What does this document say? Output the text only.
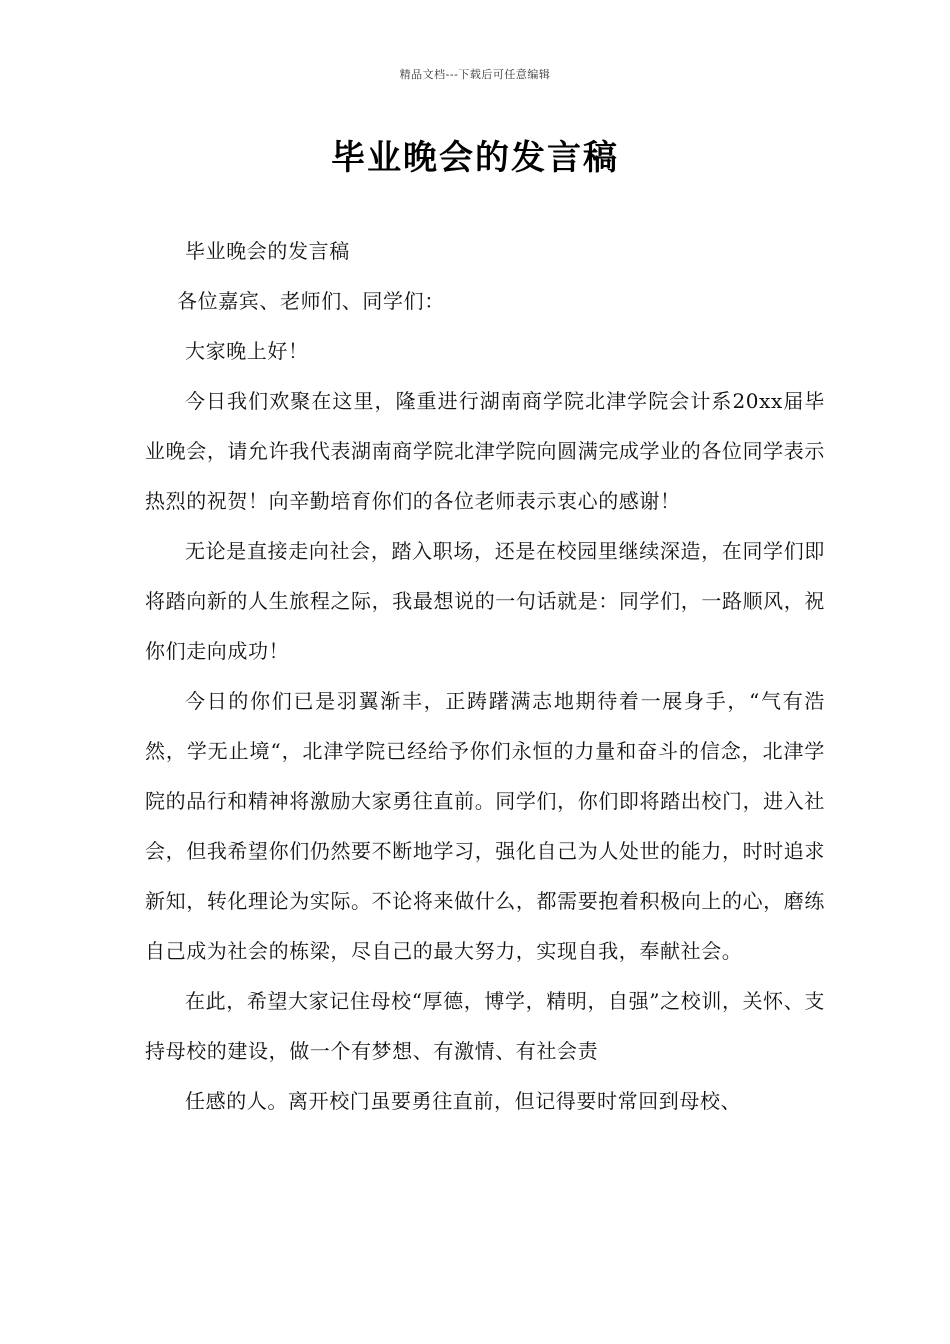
精品文档---下载后可任意编辑
毕业晚会的发言稿

毕业晚会的发言稿

各位嘉宾、老师们、同学们：

大家晚上好！

今日我们欢聚在这里，隆重进行湖南商学院北津学院会计系20xx届毕业晚会，请允许我代表湖南商学院北津学院向圆满完成学业的各位同学表示热烈的祝贺！向辛勤培育你们的各位老师表示衷心的感谢！

无论是直接走向社会，踏入职场，还是在校园里继续深造，在同学们即将踏向新的人生旅程之际，我最想说的一句话就是：同学们，一路顺风，祝你们走向成功！

今日的你们已是羽翼渐丰，正踌躇满志地期待着一展身手，“气有浩然，学无止境“，北津学院已经给予你们永恒的力量和奋斗的信念，北津学院的品行和精神将激励大家勇往直前。同学们，你们即将踏出校门，进入社会，但我希望你们仍然要不断地学习，强化自己为人处世的能力，时时追求新知，转化理论为实际。不论将来做什么，都需要抱着积极向上的心，磨练自己成为社会的栋梁，尽自己的最大努力，实现自我，奉献社会。

在此，希望大家记住母校“厚德，博学，精明，自强”之校训，关怀、支持母校的建设，做一个有梦想、有激情、有社会责

任感的人。离开校门虽要勇往直前，但记得要时常回到母校、
